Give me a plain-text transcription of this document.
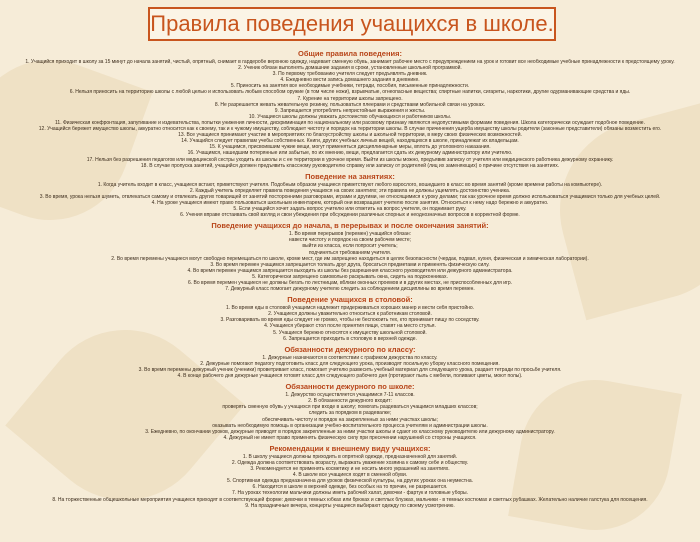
Правила поведения учащихся в школе.
Общие правила поведения:

1. Учащийся приходит в школу за 15 минут до начала занятий, чистый, опрятный, снимает в гардеробе верхнюю одежду, надевает сменную обувь, занимает рабочее место с предупреждением на урок и готовит все необходимые учебные принадлежности к предстоящему уроку.

2. Ученик обязан выполнять домашние задания в сроки, установленные школьной программой.

3. По первому требованию учителя следует предъявлять дневник.

4. Ежедневно вести запись домашнего задания в дневнике.

5. Приносить на занятия все необходимые учебники, тетради, пособия, письменные принадлежности.

6. Нельзя приносить на территорию школы с любой целью и использовать любым способом оружие (в том числе ножи), взрывчатые, огнеопасные вещества; спиртные напитки, сигареты, наркотики, другие одурманивающие средства и яды.

7. Курение на территории школы запрещено.

8. Не разрешается жевать жевательную резинку, пользоваться плеерами и средствами мобильной связи на уроках.

9. Запрещается употреблять непристойные выражения и жесты.

10. Учащиеся школы должны уважать достоинство обучающихся и работников школы.

11. Физическая конфронтация, запугивание и издевательства, попытки унижения личности, дискриминация по национальному или расовому признаку являются недопустимыми формами поведения. Школа категорически осуждает подобное поведение.

12. Учащийся бережет имущество школы, аккуратно относится как к своему, так и к чужому имуществу, соблюдает чистоту и порядок на территории школы. В случае причинения ущерба имуществу школы родители (законные представители) обязаны возместить его.

13. Все учащиеся принимают участие в мероприятиях по благоустройству школы и школьной территории, в меру своих физических возможностей.

14. Учащийся следует правилам учебы собственных. Книги, других учебных личных вещей, находящихся в школе, принадлежат их владельцам.

15. К учащимся, присвоившим чужие вещи, могут применяться дисциплинарные меры, вплоть до уголовного наказания.

16. Учащимся, нашедшим потерянные или забытые, по их мнению, вещи, предлагается сдать их дежурному администратору или учителю.

17. Нельзя без разрешения педагогов или медицинской сестры уходить из школы и с ее территории в урочное время. Выйти из школы можно, предъявив записку от учителя или медицинского работника дежурному охраннику.

18. В случае пропуска занятий, учащийся должен предъявить классному руководителю справку или записку от родителей (лиц их заменяющих) о причине отсутствия на занятиях.

Поведение на занятиях:

1. Когда учитель входит в класс, учащиеся встают, приветствуют учителя. Подобным образом учащиеся приветствуют любого взрослого, вошедшего в класс во время занятий (кроме времени работы на компьютере).

2. Каждый учитель определяет правила поведения учащихся на своих занятиях; эти правила не должны ущемлять достоинство ученика.

3. Во время, урока нельзя шуметь, отвлекаться самому и отвлекать других товарищей от занятий посторонними разговорами, играми и другими, не относящимися к уроку делами; так как урочное время должно использоваться учащимися только для учебных целей.

4. На уроке учащиеся имеют право пользоваться школьным инвентарем, который они возвращают учителю после занятия. Относиться к нему надо бережно и аккуратно.

5. Если учащийся хочет задать вопрос учителю или ответить на вопрос учителя, он поднимает руку.

6. Учения вправе отстаивать свой взгляд и свои убеждения при обсуждении различных спорных и неоднозначных вопросов в корректной форме.

Поведение учащихся до начала, в перерывах и после окончания занятий:

1. Во время перерывов (перемен) учащийся обязан:

навести чистоту и порядок на своем рабочем месте;

выйти из класса, если попросит учитель;

подчиняться требованиям учителя.

2. Во время перемены учащиеся могут свободно перемещаться по школе, кроме мест, где им запрещено находиться в целях безопасности (чердак, подвал, кухня, физическая и химическая лаборатории).

3. Во время перемен учащимся запрещается толкать друг друга, бросаться предметами и применять физическую силу.

4. Во время перемен учащимся запрещается выходить из школы без разрешения классного руководителя или дежурного администратора.

5. Категорически запрещено самовольно раскрывать окна, сидеть на подоконниках.

6. Во время перемен учащиеся не должны бегать по лестницам, вблизи оконных проемов и в других местах, не приспособленных для игр.

7. Дежурный класс помогает дежурному учителю следить за соблюдением дисциплины во время перемен.

Поведение учащихся в столовой:

1. Во время еды в столовой учащимся надлежит придерживаться хороших манер и вести себя пристойно.

2. Учащиеся должны уважительно относиться к работникам столовой.

3. Разговаривать во время еды следует не громко, чтобы не беспокоить тех, кто принимает пищу по соседству.

4. Учащиеся убирают стол после принятия пищи, ставят на место стулья.

5. Учащиеся бережно относятся к имуществу школьной столовой.

6. Запрещается приходить в столовую в верхней одежде.

Обязанности дежурного по классу:

1. Дежурные назначаются в соответствии с графиком дежурства по классу.

2. Дежурные помогают педагогу подготовить класс для следующего урока, производят посильную уборку классного помещения.

3. Во время перемены дежурный ученик (ученики) проветривает класс, помогает учителю развесить учебный материал для следующего урока, раздает тетради по просьбе учителя.

4. В конце рабочего дня дежурные учащиеся готовят класс для следующего рабочего дня (протирают пыль с мебели, поливают цветы, моют полы).

Обязанности дежурного по школе:

1. Дежурство осуществляется учащимися 7-11 классов.

2. В обязанности дежурного входит:

проверять сменную обувь у учащихся при входе в школу; помогать раздеваться учащимся младших классов;

следить за порядком в раздевалке;

обеспечивать чистоту и порядок на закрепленных за ними участках школы;

оказывать необходимую помощь в организации учебно-воспитательного процесса учителям и администрации школы.

3. Ежедневно, по окончании уроков, дежурные приводят в порядок закрепленные за ними участки школы и сдают их классному руководителю или дежурному администратору.

4. Дежурный не имеет право применять физическую силу при пресечении нарушений со стороны учащихся.

Рекомендации к внешнему виду учащихся:

1. В школу учащиеся должны приходить в опрятной одежде, предназначенной для занятий.

2. Одежда должна соответствовать возрасту, выражать уважение хозяина к самому себе и обществу.

3. Рекомендуется не применять косметику и не носить много украшений на занятиях.

4. В школе все учащиеся ходят в сменной обуви.

5. Спортивная одежда предназначена для уроков физической культуры, на других уроках она неуместна.

6. Находится в школе в верхней одежде, без особых на то причин, не разрешается.

7. На уроках технологии мальчики должны иметь рабочий халат, девочки - фартук и головные уборы.

8. На торжественные общешкольные мероприятия учащиеся приходят в соответствующей форме: девочки в темных юбках или брюках и светлых блузках, мальчики - в темных костюмах и светлых рубашках. Желательно наличие галстука для посещения.

9. На праздничные вечера, концерты учащиеся выбирают одежду по своему усмотрению.
